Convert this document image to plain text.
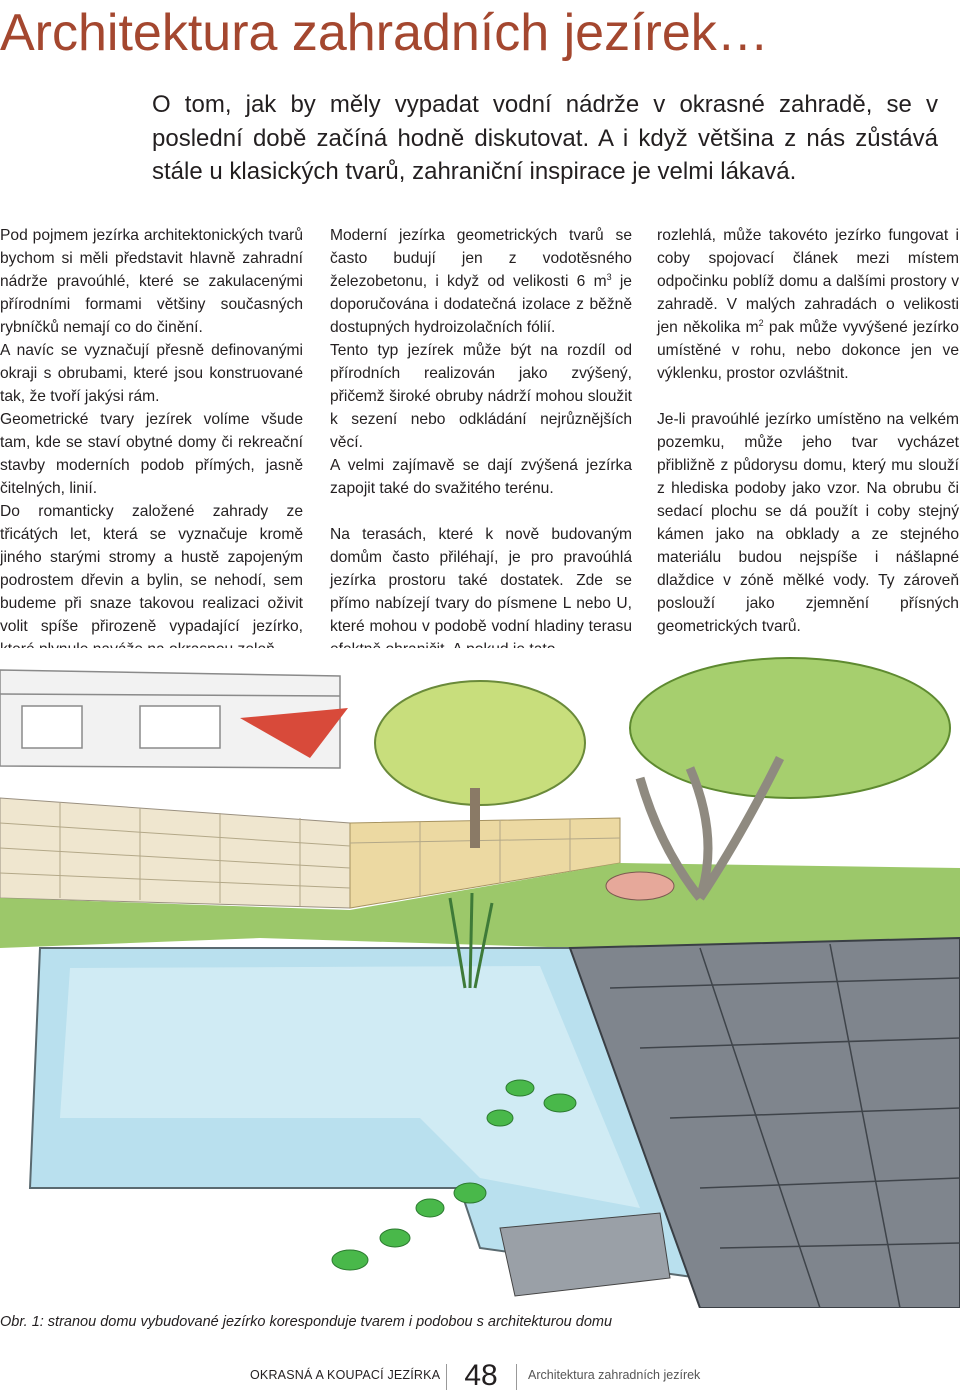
Architektura zahradních jezírek…

O tom, jak by měly vypadat vodní nádrže v okrasné zahradě, se v poslední době začíná hodně diskutovat. A i když většina z nás zůstává stále u klasických tvarů, zahraniční inspirace je velmi lákavá.

Pod pojmem jezírka architektonických tvarů bychom si měli představit hlavně zahradní nádrže pravoúhlé, které se zakulacenými přírodními formami většiny současných rybníčků nemají co do činění.

A navíc se vyznačují přesně definovanými okraji s obrubami, které jsou konstruované tak, že tvoří jakýsi rám.

Geometrické tvary jezírek volíme všude tam, kde se staví obytné domy či rekreační stavby moderních podob přímých, jasně čitelných, linií.

Do romanticky založené zahrady ze třicátých let, která se vyznačuje kromě jiného starými stromy a hustě zapojeným podrostem dřevin a bylin, se nehodí, sem budeme při snaze takovou realizaci oživit volit spíše přirozeně vypadající jezírko,

Moderní jezírka geometrických tvarů se často budují jen z vodotěsného železobetonu, i když od velikosti 6 $m^3$ je doporučována i dodatečná izolace z běžně dostupných hydroizolačních fólií.

Tento typ jezírek může být na rozdíl od přírodních realizován jako zvýšený, přičemž široké obruby nádrží mohou sloužit k sezení nebo odkládání nejrůznějších věcí.

A velmi zajímavě se dají zvýšená jezírka zapojit také do svažitého terénu.

Na terasách, které k nově budovaným domům často přiléhají, je pro pravoúhlá jezírka prostoru také dostatek. Zde se přímo nabízejí tvary do písmene L nebo U, které mohou v podobě vodní hladiny terasu

rozlehlá, může takovéto jezírko fungovat i coby spojovací článek mezi místem odpočinku poblíž domu a dalšími prostory v zahradě. V malých zahradách o velikosti jen několika $m^2$ pak může vyvýšené jezírko umístěné v rohu, nebo dokonce jen ve výklenku, prostor ozvláštnit.

Je-li pravoúhlé jezírko umístěno na velkém pozemku, může jeho tvar vycházet přibližně z půdorysu domu, který mu slouží z hlediska podoby jako vzor. Na obrubu či sedací plochu se dá použít i coby stejný kámen jako na obklady a ze stejného materiálu budou nejspíše i nášlapné dlaždice v zóně mělké vody. Ty zároveň poslouží jako zjemnění přísných geometrických tvarů.

Obr. 1: stranou domu vybudované jezírko koresponduje tvarem i podobou s architekturou domu

OKRASNÁ A KOUPACÍ JEZÍRKA 48	Architektura zahradních jezírek
